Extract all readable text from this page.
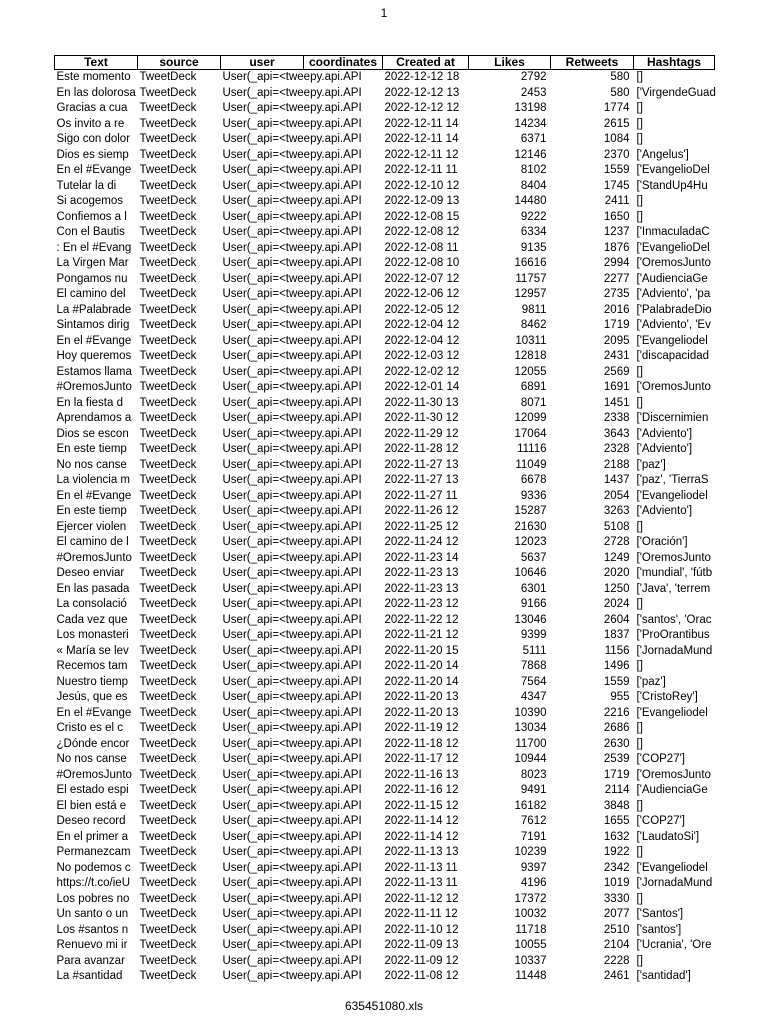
1
Text	source	user	coordinates	Created at	Likes	Retweets	Hashtags
Este momento	TweetDeck	User(_api=<tweepy.api.API		2022-12-12 18	2792	580	[]
En las dolorosa	TweetDeck	User(_api=<tweepy.api.API		2022-12-12 13	2453	580	['VirgendeGuad
Gracias a cua	TweetDeck	User(_api=<tweepy.api.API		2022-12-12 12	13198	1774	[]
Os invito a re	TweetDeck	User(_api=<tweepy.api.API		2022-12-11 14	14234	2615	[]
Sigo con dolor	TweetDeck	User(_api=<tweepy.api.API		2022-12-11 14	6371	1084	[]
Dios es siemp	TweetDeck	User(_api=<tweepy.api.API		2022-12-11 12	12146	2370	['Angelus']
En el #Evange	TweetDeck	User(_api=<tweepy.api.API		2022-12-11 11	8102	1559	['EvangelioDel
Tutelar la di	TweetDeck	User(_api=<tweepy.api.API		2022-12-10 12	8404	1745	['StandUp4Hu
Si acogemos	TweetDeck	User(_api=<tweepy.api.API		2022-12-09 13	14480	2411	[]
Confiemos a l	TweetDeck	User(_api=<tweepy.api.API		2022-12-08 15	9222	1650	[]
Con el Bautis	TweetDeck	User(_api=<tweepy.api.API		2022-12-08 12	6334	1237	['InmaculadaC
: En el #Evang	TweetDeck	User(_api=<tweepy.api.API		2022-12-08 11	9135	1876	['EvangelioDel
La Virgen Mar	TweetDeck	User(_api=<tweepy.api.API		2022-12-08 10	16616	2994	['OremosJunto
Pongamos nu	TweetDeck	User(_api=<tweepy.api.API		2022-12-07 12	11757	2277	['AudienciaGe
El camino del	TweetDeck	User(_api=<tweepy.api.API		2022-12-06 12	12957	2735	['Adviento', 'pa
La #Palabrade	TweetDeck	User(_api=<tweepy.api.API		2022-12-05 12	9811	2016	['PalabradeDio
Sintamos dirig	TweetDeck	User(_api=<tweepy.api.API		2022-12-04 12	8462	1719	['Adviento', 'Ev
En el #Evange	TweetDeck	User(_api=<tweepy.api.API		2022-12-04 12	10311	2095	['Evangeliodel
Hoy queremos	TweetDeck	User(_api=<tweepy.api.API		2022-12-03 12	12818	2431	['discapacidad
Estamos llama	TweetDeck	User(_api=<tweepy.api.API		2022-12-02 12	12055	2569	[]
#OremosJunto	TweetDeck	User(_api=<tweepy.api.API		2022-12-01 14	6891	1691	['OremosJunto
En la fiesta d	TweetDeck	User(_api=<tweepy.api.API		2022-11-30 13	8071	1451	[]
Aprendamos a	TweetDeck	User(_api=<tweepy.api.API		2022-11-30 12	12099	2338	['Discernimien
Dios se escon	TweetDeck	User(_api=<tweepy.api.API		2022-11-29 12	17064	3643	['Adviento']
En este tiemp	TweetDeck	User(_api=<tweepy.api.API		2022-11-28 12	11116	2328	['Adviento']
No nos canse	TweetDeck	User(_api=<tweepy.api.API		2022-11-27 13	11049	2188	['paz']
La violencia m	TweetDeck	User(_api=<tweepy.api.API		2022-11-27 13	6678	1437	['paz', 'TierraS
En el #Evange	TweetDeck	User(_api=<tweepy.api.API		2022-11-27 11	9336	2054	['Evangeliodel
En este tiemp	TweetDeck	User(_api=<tweepy.api.API		2022-11-26 12	15287	3263	['Adviento']
Ejercer violen	TweetDeck	User(_api=<tweepy.api.API		2022-11-25 12	21630	5108	[]
El camino de l	TweetDeck	User(_api=<tweepy.api.API		2022-11-24 12	12023	2728	['Oración']
#OremosJunto	TweetDeck	User(_api=<tweepy.api.API		2022-11-23 14	5637	1249	['OremosJunto
Deseo enviar	TweetDeck	User(_api=<tweepy.api.API		2022-11-23 13	10646	2020	['mundial', 'fútb
En las pasada	TweetDeck	User(_api=<tweepy.api.API		2022-11-23 13	6301	1250	['Java', 'terrem
La consolació	TweetDeck	User(_api=<tweepy.api.API		2022-11-23 12	9166	2024	[]
Cada vez que	TweetDeck	User(_api=<tweepy.api.API		2022-11-22 12	13046	2604	['santos', 'Orac
Los monasteri	TweetDeck	User(_api=<tweepy.api.API		2022-11-21 12	9399	1837	['ProOrantibus
« María se lev	TweetDeck	User(_api=<tweepy.api.API		2022-11-20 15	5111	1156	['JornadaMund
Recemos tam	TweetDeck	User(_api=<tweepy.api.API		2022-11-20 14	7868	1496	[]
Nuestro tiemp	TweetDeck	User(_api=<tweepy.api.API		2022-11-20 14	7564	1559	['paz']
Jesús, que es	TweetDeck	User(_api=<tweepy.api.API		2022-11-20 13	4347	955	['CristoRey']
En el #Evange	TweetDeck	User(_api=<tweepy.api.API		2022-11-20 13	10390	2216	['Evangeliodel
Cristo es el c	TweetDeck	User(_api=<tweepy.api.API		2022-11-19 12	13034	2686	[]
¿Dónde encor	TweetDeck	User(_api=<tweepy.api.API		2022-11-18 12	11700	2630	[]
No nos canse	TweetDeck	User(_api=<tweepy.api.API		2022-11-17 12	10944	2539	['COP27']
#OremosJunto	TweetDeck	User(_api=<tweepy.api.API		2022-11-16 13	8023	1719	['OremosJunto
El estado espi	TweetDeck	User(_api=<tweepy.api.API		2022-11-16 12	9491	2114	['AudienciaGe
El bien está e	TweetDeck	User(_api=<tweepy.api.API		2022-11-15 12	16182	3848	[]
Deseo record	TweetDeck	User(_api=<tweepy.api.API		2022-11-14 12	7612	1655	['COP27']
En el primer a	TweetDeck	User(_api=<tweepy.api.API		2022-11-14 12	7191	1632	['LaudatoSi']
Permanezcam	TweetDeck	User(_api=<tweepy.api.API		2022-11-13 13	10239	1922	[]
No podemos c	TweetDeck	User(_api=<tweepy.api.API		2022-11-13 11	9397	2342	['Evangeliodel
https://t.co/ieU	TweetDeck	User(_api=<tweepy.api.API		2022-11-13 11	4196	1019	['JornadaMund
Los pobres no	TweetDeck	User(_api=<tweepy.api.API		2022-11-12 12	17372	3330	[]
Un santo o un	TweetDeck	User(_api=<tweepy.api.API		2022-11-11 12	10032	2077	['Santos']
Los #santos n	TweetDeck	User(_api=<tweepy.api.API		2022-11-10 12	11718	2510	['santos']
Renuevo mi ir	TweetDeck	User(_api=<tweepy.api.API		2022-11-09 13	10055	2104	['Ucrania', 'Ore
Para avanzar	TweetDeck	User(_api=<tweepy.api.API		2022-11-09 12	10337	2228	[]
La #santidad	TweetDeck	User(_api=<tweepy.api.API		2022-11-08 12	11448	2461	['santidad']
635451080.xls
